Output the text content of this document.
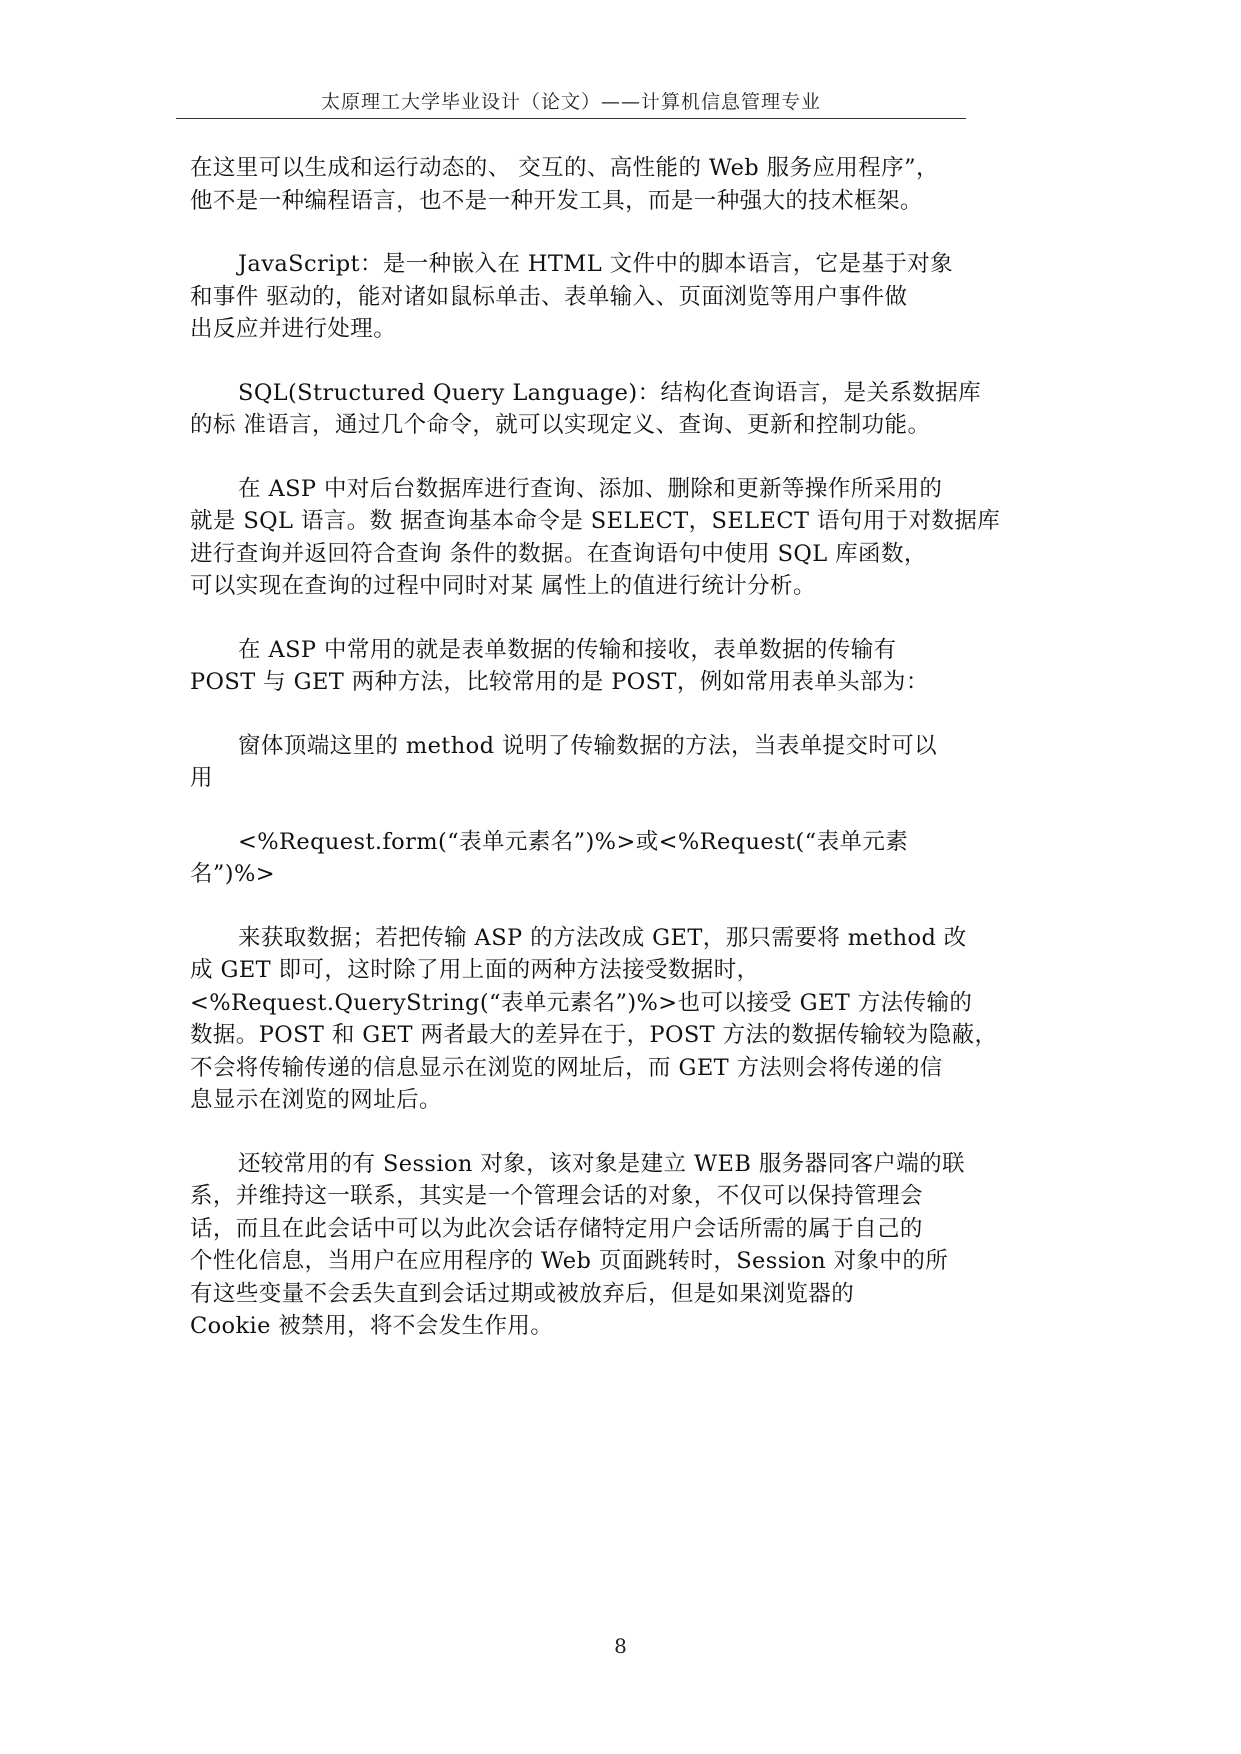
太原理工大学毕业设计（论文）——计算机信息管理专业
在这里可以生成和运行动态的、 交互的、高性能的 Web 服务应用程序”，
他不是一种编程语言，也不是一种开发工具，而是一种强大的技术框架。
JavaScript：是一种嵌入在 HTML 文件中的脚本语言，它是基于对象
和事件 驱动的，能对诸如鼠标单击、表单输入、页面浏览等用户事件做
出反应并进行处理。
SQL(Structured Query Language)：结构化查询语言，是关系数据库
的标 准语言，通过几个命令，就可以实现定义、查询、更新和控制功能。
在 ASP 中对后台数据库进行查询、添加、删除和更新等操作所采用的
就是 SQL 语言。数 据查询基本命令是 SELECT，SELECT 语句用于对数据库
进行查询并返回符合查询 条件的数据。在查询语句中使用 SQL 库函数，
可以实现在查询的过程中同时对某 属性上的值进行统计分析。
在 ASP 中常用的就是表单数据的传输和接收，表单数据的传输有
POST 与 GET 两种方法，比较常用的是 POST，例如常用表单头部为：
窗体顶端这里的 method 说明了传输数据的方法，当表单提交时可以
用
<%Request.form(“表单元素名”)%>或<%Request(“表单元素
名”)%>
来获取数据；若把传输 ASP 的方法改成 GET，那只需要将 method 改
成 GET 即可，这时除了用上面的两种方法接受数据时，
<%Request.QueryString(“表单元素名”)%>也可以接受 GET 方法传输的
数据。POST 和 GET 两者最大的差异在于，POST 方法的数据传输较为隐蔽，
不会将传输传递的信息显示在浏览的网址后，而 GET 方法则会将传递的信
息显示在浏览的网址后。
还较常用的有 Session 对象，该对象是建立 WEB 服务器同客户端的联
系，并维持这一联系，其实是一个管理会话的对象，不仅可以保持管理会
话，而且在此会话中可以为此次会话存储特定用户会话所需的属于自己的
个性化信息，当用户在应用程序的 Web 页面跳转时，Session 对象中的所
有这些变量不会丢失直到会话过期或被放弃后，但是如果浏览器的
Cookie 被禁用，将不会发生作用。
8
